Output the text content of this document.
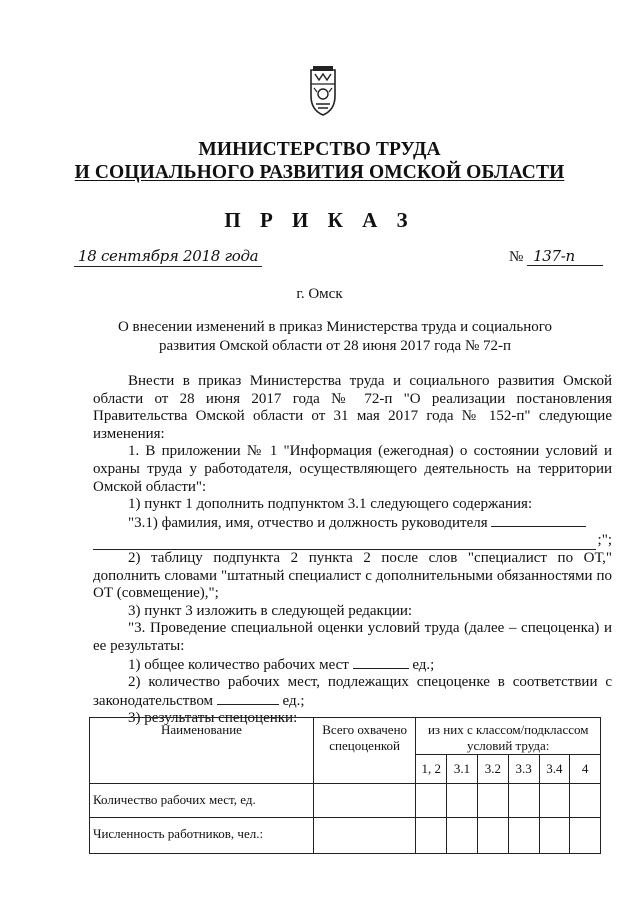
МИНИСТЕРСТВО ТРУДА
И СОЦИАЛЬНОГО РАЗВИТИЯ ОМСКОЙ ОБЛАСТИ
П Р И К А З
18 сентября 2018 года	№ 137-п
г. Омск
О внесении изменений в приказ Министерства труда и социального
развития Омской области от 28 июня 2017 года № 72-п

Внести в приказ Министерства труда и социального развития Омской области от 28 июня 2017 года № 72-п "О реализации постановления Правительства Омской области от 31 мая 2017 года № 152-п" следующие изменения:

1. В приложении № 1 "Информация (ежегодная) о состоянии условий и охраны труда у работодателя, осуществляющего деятельность на территории Омской области":

1) пункт 1 дополнить подпунктом 3.1 следующего содержания:

"3.1) фамилия, имя, отчество и должность руководителя

;";

2) таблицу подпункта 2 пункта 2 после слов "специалист по ОТ," дополнить словами "штатный специалист с дополнительными обязанностями по ОТ (совмещение),";

3) пункт 3 изложить в следующей редакции:

"3. Проведение специальной оценки условий труда (далее – спецоценка) и ее результаты:

1) общее количество рабочих мест	ед.;

2) количество рабочих мест, подлежащих спецоценке в соответствии с законодательством	ед.;

3) результаты спецоценки:

Наименование	Всего охвачено спецоценкой	из них с классом/подклассом условий труда:					
		1, 2	3.1	3.2	3.3	3.4	4
Количество рабочих мест, ед.							
Численность работников, чел.:							
